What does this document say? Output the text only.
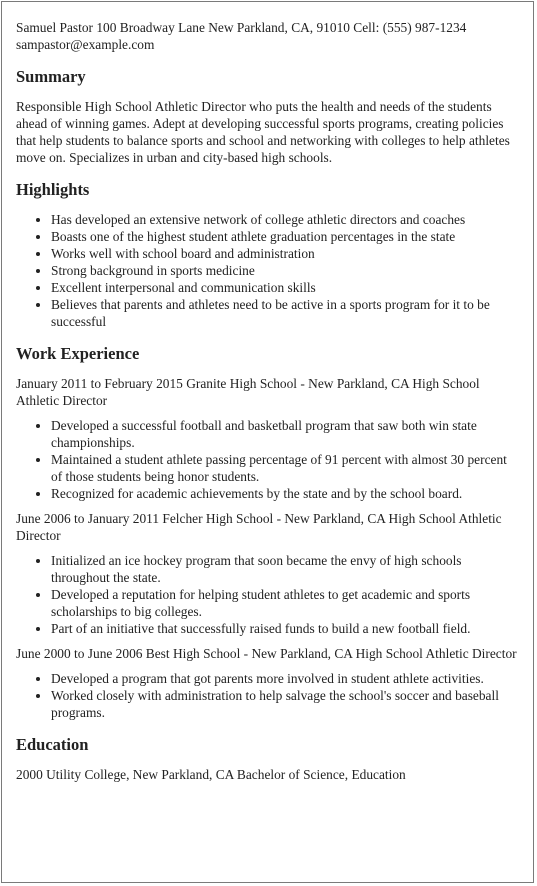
Samuel Pastor 100 Broadway Lane New Parkland, CA, 91010 Cell: (555) 987-1234 sampastor@example.com
Summary

Responsible High School Athletic Director who puts the health and needs of the students ahead of winning games. Adept at developing successful sports programs, creating policies that help students to balance sports and school and networking with colleges to help athletes move on. Specializes in urban and city-based high schools.

Highlights
• Has developed an extensive network of college athletic directors and coaches
• Boasts one of the highest student athlete graduation percentages in the state
• Works well with school board and administration
• Strong background in sports medicine
• Excellent interpersonal and communication skills
• Believes that parents and athletes need to be active in a sports program for it to be successful
Work Experience
January 2011 to February 2015 Granite High School - New Parkland, CA High School Athletic Director
• Developed a successful football and basketball program that saw both win state championships.
• Maintained a student athlete passing percentage of 91 percent with almost 30 percent of those students being honor students.
• Recognized for academic achievements by the state and by the school board.
June 2006 to January 2011 Felcher High School - New Parkland, CA High School Athletic Director
• Initialized an ice hockey program that soon became the envy of high schools throughout the state.
• Developed a reputation for helping student athletes to get academic and sports scholarships to big colleges.
• Part of an initiative that successfully raised funds to build a new football field.
June 2000 to June 2006 Best High School - New Parkland, CA High School Athletic Director
• Developed a program that got parents more involved in student athlete activities.
• Worked closely with administration to help salvage the school's soccer and baseball programs.
Education
2000 Utility College, New Parkland, CA Bachelor of Science, Education
